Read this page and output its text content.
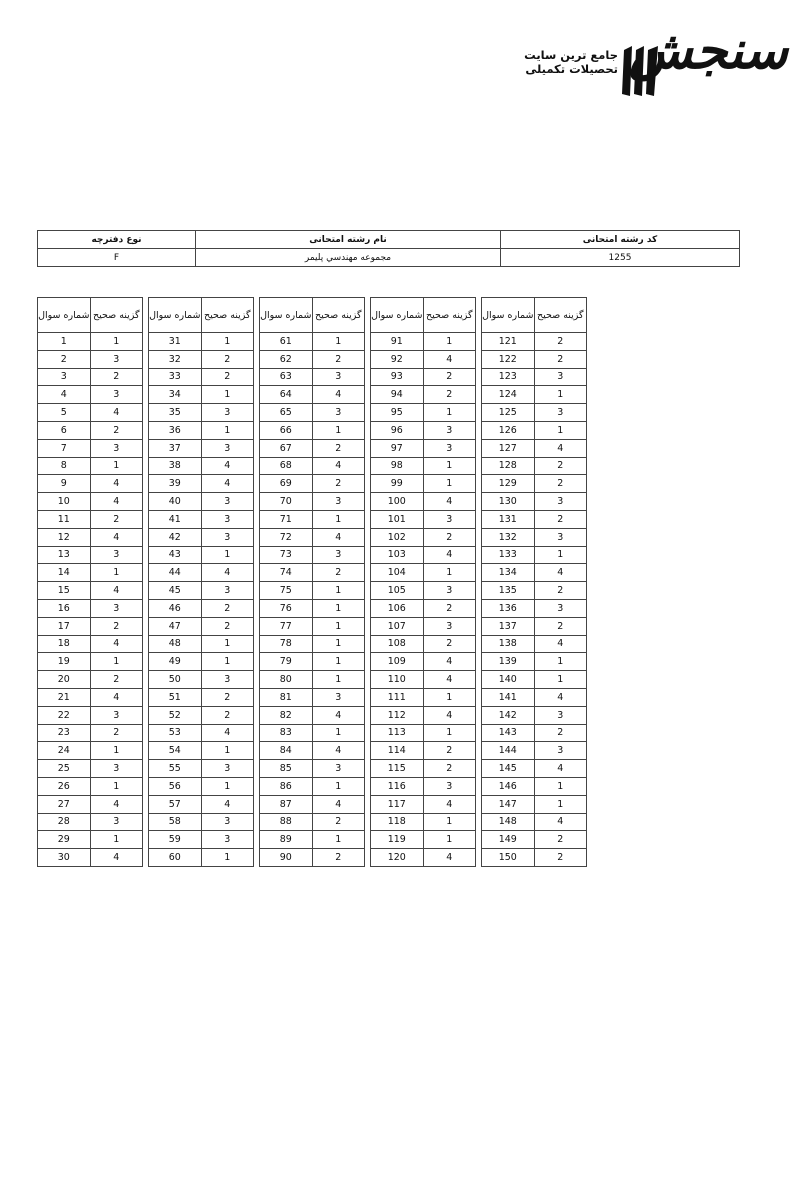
جامع ترین سایت تحصیلات تکمیلی سنجش
کد رشته امتحانی	نام رشته امتحانی	نوع دفترچه
1255	مجموعه مهندسي پليمر	F
شماره سوال	گزینه صحیح
1	1
2	3
3	2
4	3
5	4
6	2
7	3
8	1
9	4
10	4
11	2
12	4
13	3
14	1
15	4
16	3
17	2
18	4
19	1
20	2
21	4
22	3
23	2
24	1
25	3
26	1
27	4
28	3
29	1
30	4
شماره سوال	گزینه صحیح
31	1
32	2
33	2
34	1
35	3
36	1
37	3
38	4
39	4
40	3
41	3
42	3
43	1
44	4
45	3
46	2
47	2
48	1
49	1
50	3
51	2
52	2
53	4
54	1
55	3
56	1
57	4
58	3
59	3
60	1
شماره سوال	گزینه صحیح
61	1
62	2
63	3
64	4
65	3
66	1
67	2
68	4
69	2
70	3
71	1
72	4
73	3
74	2
75	1
76	1
77	1
78	1
79	1
80	1
81	3
82	4
83	1
84	4
85	3
86	1
87	4
88	2
89	1
90	2
شماره سوال	گزینه صحیح
91	1
92	4
93	2
94	2
95	1
96	3
97	3
98	1
99	1
100	4
101	3
102	2
103	4
104	1
105	3
106	2
107	3
108	2
109	4
110	4
111	1
112	4
113	1
114	2
115	2
116	3
117	4
118	1
119	1
120	4
شماره سوال	گزینه صحیح
121	2
122	2
123	3
124	1
125	3
126	1
127	4
128	2
129	2
130	3
131	2
132	3
133	1
134	4
135	2
136	3
137	2
138	4
139	1
140	1
141	4
142	3
143	2
144	3
145	4
146	1
147	1
148	4
149	2
150	2
